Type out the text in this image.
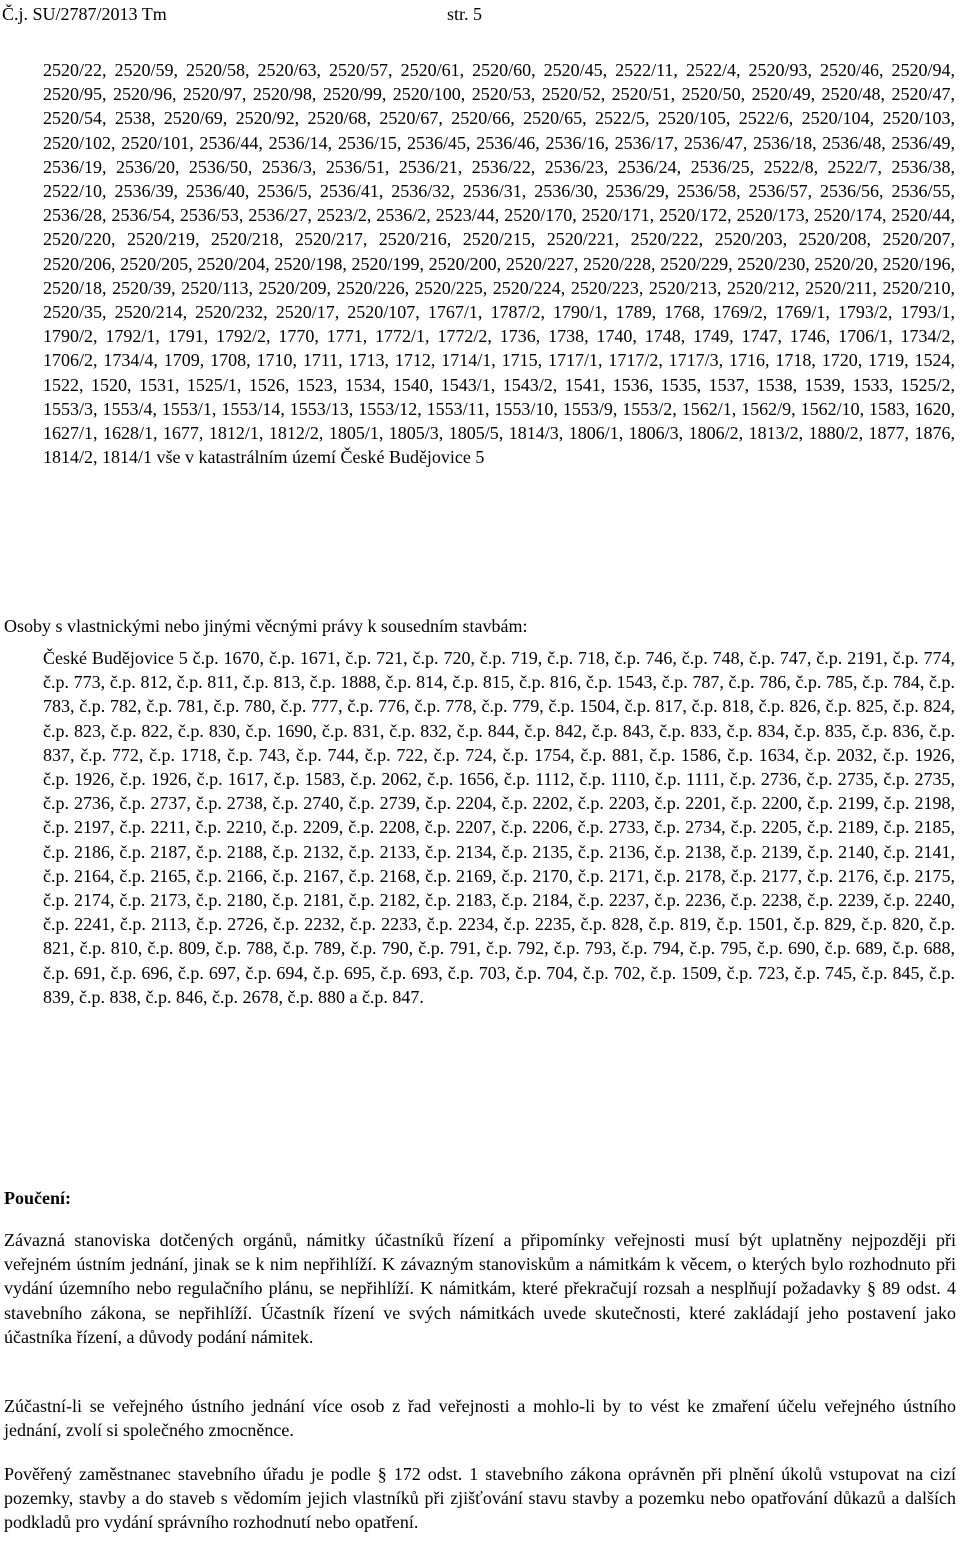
Č.j. SU/2787/2013 Tm	str. 5

2520/22, 2520/59, 2520/58, 2520/63, 2520/57, 2520/61, 2520/60, 2520/45, 2522/11, 2522/4, 2520/93, 2520/46, 2520/94, 2520/95, 2520/96, 2520/97, 2520/98, 2520/99, 2520/100, 2520/53, 2520/52, 2520/51, 2520/50, 2520/49, 2520/48, 2520/47, 2520/54, 2538, 2520/69, 2520/92, 2520/68, 2520/67, 2520/66, 2520/65, 2522/5, 2520/105, 2522/6, 2520/104, 2520/103, 2520/102, 2520/101, 2536/44, 2536/14, 2536/15, 2536/45, 2536/46, 2536/16, 2536/17, 2536/47, 2536/18, 2536/48, 2536/49, 2536/19, 2536/20, 2536/50, 2536/3, 2536/51, 2536/21, 2536/22, 2536/23, 2536/24, 2536/25, 2522/8, 2522/7, 2536/38, 2522/10, 2536/39, 2536/40, 2536/5, 2536/41, 2536/32, 2536/31, 2536/30, 2536/29, 2536/58, 2536/57, 2536/56, 2536/55, 2536/28, 2536/54, 2536/53, 2536/27, 2523/2, 2536/2, 2523/44, 2520/170, 2520/171, 2520/172, 2520/173, 2520/174, 2520/44, 2520/220, 2520/219, 2520/218, 2520/217, 2520/216, 2520/215, 2520/221, 2520/222, 2520/203, 2520/208, 2520/207, 2520/206, 2520/205, 2520/204, 2520/198, 2520/199, 2520/200, 2520/227, 2520/228, 2520/229, 2520/230, 2520/20, 2520/196, 2520/18, 2520/39, 2520/113, 2520/209, 2520/226, 2520/225, 2520/224, 2520/223, 2520/213, 2520/212, 2520/211, 2520/210, 2520/35, 2520/214, 2520/232, 2520/17, 2520/107, 1767/1, 1787/2, 1790/1, 1789, 1768, 1769/2, 1769/1, 1793/2, 1793/1, 1790/2, 1792/1, 1791, 1792/2, 1770, 1771, 1772/1, 1772/2, 1736, 1738, 1740, 1748, 1749, 1747, 1746, 1706/1, 1734/2, 1706/2, 1734/4, 1709, 1708, 1710, 1711, 1713, 1712, 1714/1, 1715, 1717/1, 1717/2, 1717/3, 1716, 1718, 1720, 1719, 1524, 1522, 1520, 1531, 1525/1, 1526, 1523, 1534, 1540, 1543/1, 1543/2, 1541, 1536, 1535, 1537, 1538, 1539, 1533, 1525/2, 1553/3, 1553/4, 1553/1, 1553/14, 1553/13, 1553/12, 1553/11, 1553/10, 1553/9, 1553/2, 1562/1, 1562/9, 1562/10, 1583, 1620, 1627/1, 1628/1, 1677, 1812/1, 1812/2, 1805/1, 1805/3, 1805/5, 1814/3, 1806/1, 1806/3, 1806/2, 1813/2, 1880/2, 1877, 1876, 1814/2, 1814/1 vše v katastrálním území České Budějovice 5

Osoby s vlastnickými nebo jinými věcnými právy k sousedním stavbám:

České Budějovice 5 č.p. 1670, č.p. 1671, č.p. 721, č.p. 720, č.p. 719, č.p. 718, č.p. 746, č.p. 748, č.p. 747, č.p. 2191, č.p. 774, č.p. 773, č.p. 812, č.p. 811, č.p. 813, č.p. 1888, č.p. 814, č.p. 815, č.p. 816, č.p. 1543, č.p. 787, č.p. 786, č.p. 785, č.p. 784, č.p. 783, č.p. 782, č.p. 781, č.p. 780, č.p. 777, č.p. 776, č.p. 778, č.p. 779, č.p. 1504, č.p. 817, č.p. 818, č.p. 826, č.p. 825, č.p. 824, č.p. 823, č.p. 822, č.p. 830, č.p. 1690, č.p. 831, č.p. 832, č.p. 844, č.p. 842, č.p. 843, č.p. 833, č.p. 834, č.p. 835, č.p. 836, č.p. 837, č.p. 772, č.p. 1718, č.p. 743, č.p. 744, č.p. 722, č.p. 724, č.p. 1754, č.p. 881, č.p. 1586, č.p. 1634, č.p. 2032, č.p. 1926, č.p. 1926, č.p. 1926, č.p. 1617, č.p. 1583, č.p. 2062, č.p. 1656, č.p. 1112, č.p. 1110, č.p. 1111, č.p. 2736, č.p. 2735, č.p. 2735, č.p. 2736, č.p. 2737, č.p. 2738, č.p. 2740, č.p. 2739, č.p. 2204, č.p. 2202, č.p. 2203, č.p. 2201, č.p. 2200, č.p. 2199, č.p. 2198, č.p. 2197, č.p. 2211, č.p. 2210, č.p. 2209, č.p. 2208, č.p. 2207, č.p. 2206, č.p. 2733, č.p. 2734, č.p. 2205, č.p. 2189, č.p. 2185, č.p. 2186, č.p. 2187, č.p. 2188, č.p. 2132, č.p. 2133, č.p. 2134, č.p. 2135, č.p. 2136, č.p. 2138, č.p. 2139, č.p. 2140, č.p. 2141, č.p. 2164, č.p. 2165, č.p. 2166, č.p. 2167, č.p. 2168, č.p. 2169, č.p. 2170, č.p. 2171, č.p. 2178, č.p. 2177, č.p. 2176, č.p. 2175, č.p. 2174, č.p. 2173, č.p. 2180, č.p. 2181, č.p. 2182, č.p. 2183, č.p. 2184, č.p. 2237, č.p. 2236, č.p. 2238, č.p. 2239, č.p. 2240, č.p. 2241, č.p. 2113, č.p. 2726, č.p. 2232, č.p. 2233, č.p. 2234, č.p. 2235, č.p. 828, č.p. 819, č.p. 1501, č.p. 829, č.p. 820, č.p. 821, č.p. 810, č.p. 809, č.p. 788, č.p. 789, č.p. 790, č.p. 791, č.p. 792, č.p. 793, č.p. 794, č.p. 795, č.p. 690, č.p. 689, č.p. 688, č.p. 691, č.p. 696, č.p. 697, č.p. 694, č.p. 695, č.p. 693, č.p. 703, č.p. 704, č.p. 702, č.p. 1509, č.p. 723, č.p. 745, č.p. 845, č.p. 839, č.p. 838, č.p. 846, č.p. 2678, č.p. 880 a č.p. 847.

Poučení:

Závazná stanoviska dotčených orgánů, námitky účastníků řízení a připomínky veřejnosti musí být uplatněny nejpozději při veřejném ústním jednání, jinak se k nim nepřihlíží. K závazným stanoviskům a námitkám k věcem, o kterých bylo rozhodnuto při vydání územního nebo regulačního plánu, se nepřihlíží. K námitkám, které překračují rozsah a nesplňují požadavky § 89 odst. 4 stavebního zákona, se nepřihlíží. Účastník řízení ve svých námitkách uvede skutečnosti, které zakládají jeho postavení jako účastníka řízení, a důvody podání námitek.

Zúčastní-li se veřejného ústního jednání více osob z řad veřejnosti a mohlo-li by to vést ke zmaření účelu veřejného ústního jednání, zvolí si společného zmocněnce.

Pověřený zaměstnanec stavebního úřadu je podle § 172 odst. 1 stavebního zákona oprávněn při plnění úkolů vstupovat na cizí pozemky, stavby a do staveb s vědomím jejich vlastníků při zjišťování stavu stavby a pozemku nebo opatřování důkazů a dalších podkladů pro vydání správního rozhodnutí nebo opatření.
